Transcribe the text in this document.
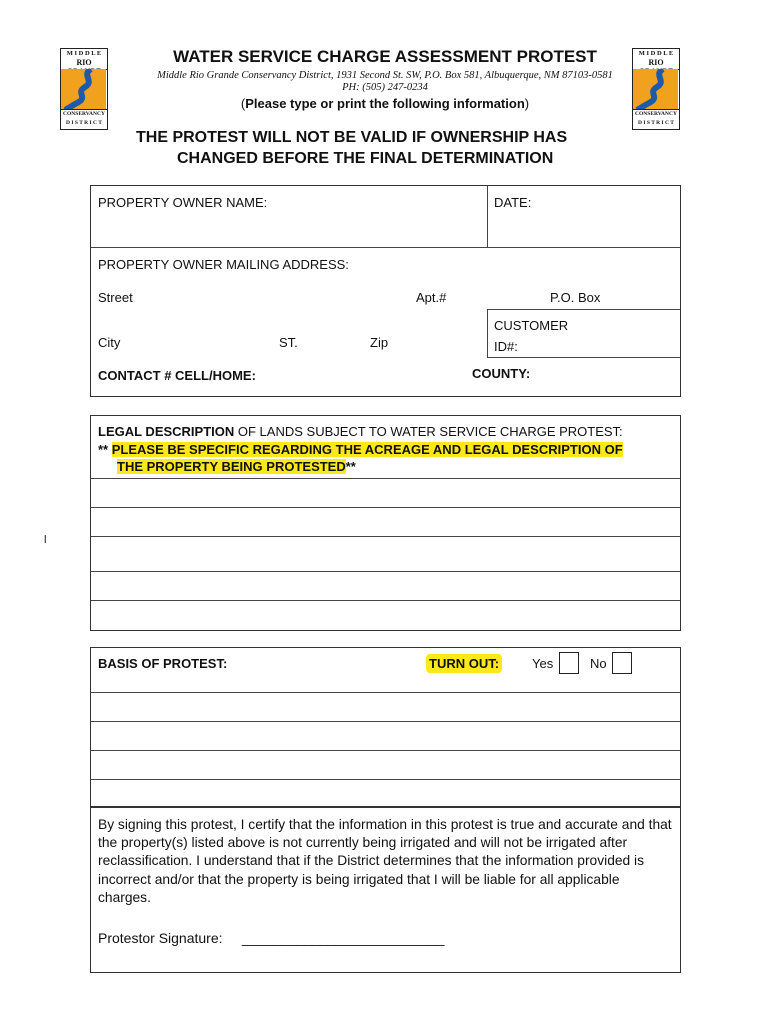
M I D D L E
RIO
CONSERVANCY
D I S T R I C T
M I D D L E
RIO
CONSERVANCY
D I S T R I C T
WATER SERVICE CHARGE ASSESSMENT PROTEST
Middle Rio Grande Conservancy District, 1931 Second St. SW, P.O. Box 581, Albuquerque, NM 87103-0581
PH: (505) 247-0234
(Please type or print the following information)
THE PROTEST WILL NOT BE VALID IF OWNERSHIP HAS
CHANGED BEFORE THE FINAL DETERMINATION
PROPERTY OWNER NAME:	DATE:
PROPERTY OWNER MAILING ADDRESS:
Street	Apt.#	P.O. Box
City	ST.	Zip
CUSTOMER
ID#:
CONTACT # CELL/HOME:	COUNTY:
LEGAL DESCRIPTION OF LANDS SUBJECT TO WATER SERVICE CHARGE PROTEST:
** PLEASE BE SPECIFIC REGARDING THE ACREAGE AND LEGAL DESCRIPTION OF
THE PROPERTY BEING PROTESTED**
l
BASIS OF PROTEST:	TURN OUT:	Yes	No
By signing this protest, I certify that the information in this protest is true and accurate and that the property(s) listed above is not currently being irrigated and will not be irrigated after reclassification. I understand that if the District determines that the information provided is incorrect and/or that the property is being irrigated that I will be liable for all applicable charges.
Protestor Signature: __________________________
